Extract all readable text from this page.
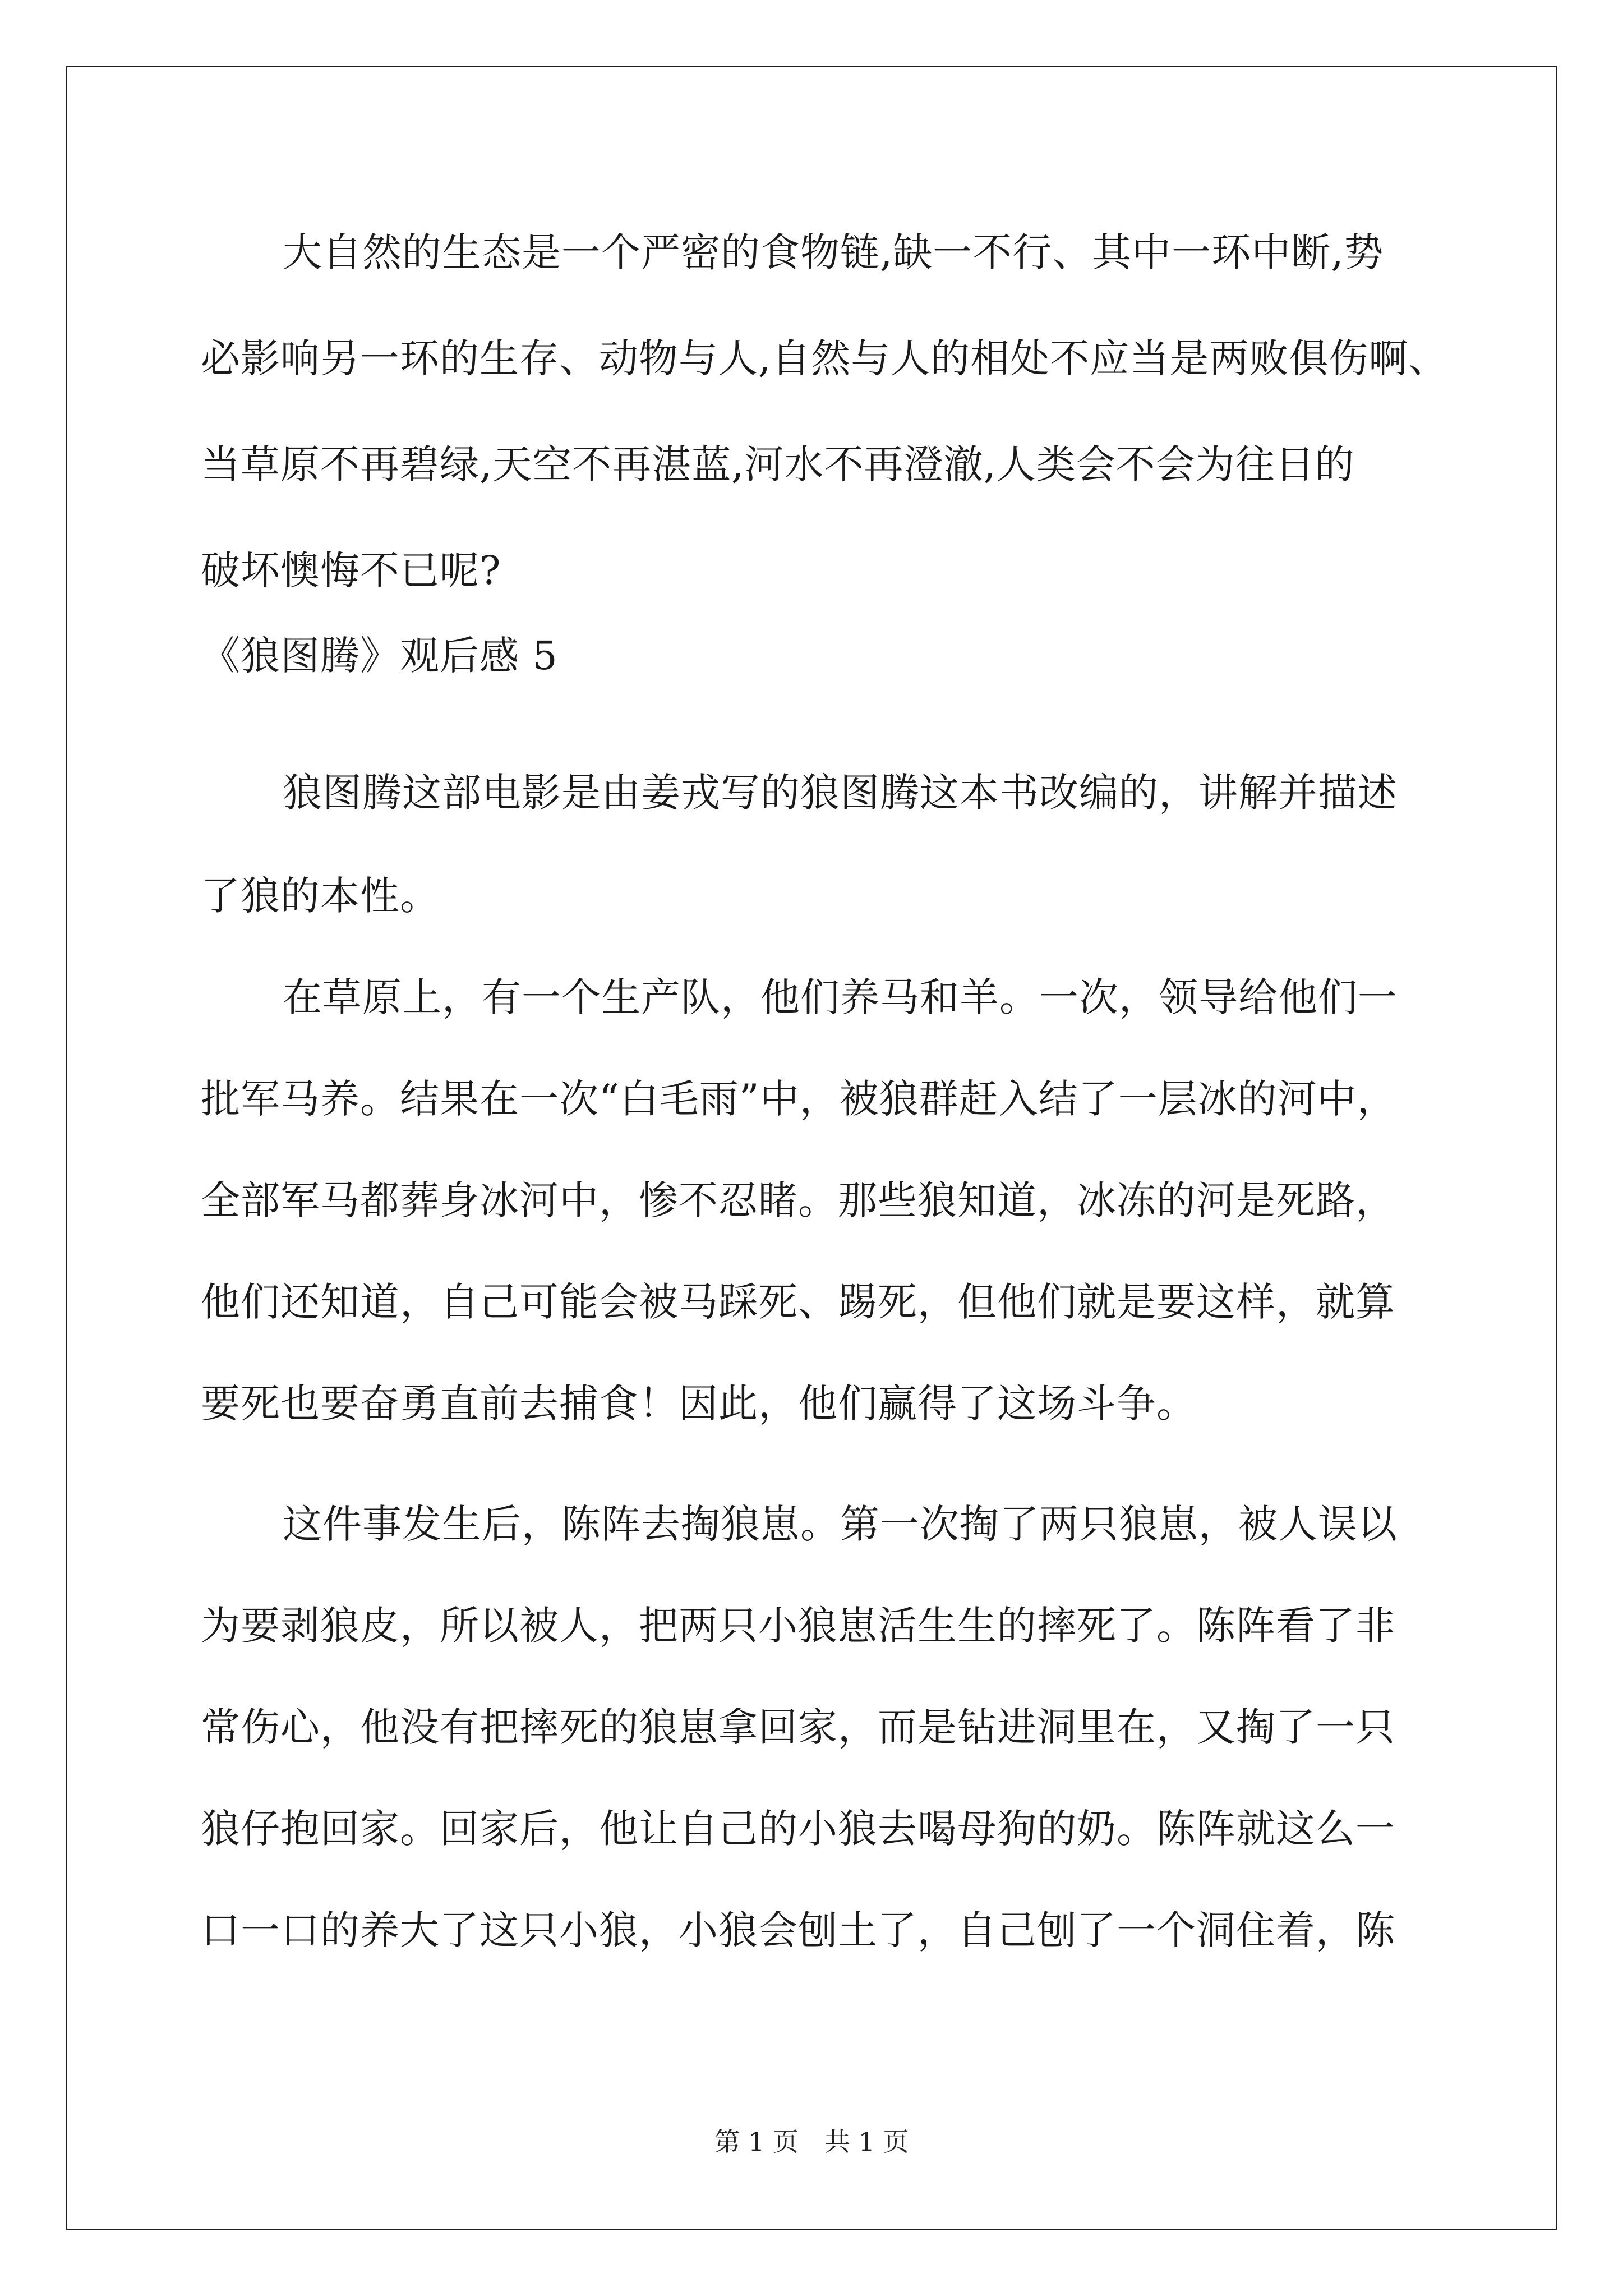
大自然的生态是一个严密的食物链,缺一不行、其中一环中断,势
必影响另一环的生存、动物与人,自然与人的相处不应当是两败俱伤啊、
当草原不再碧绿,天空不再湛蓝,河水不再澄澈,人类会不会为往日的
破坏懊悔不已呢?
《狼图腾》观后感 5
狼图腾这部电影是由姜戎写的狼图腾这本书改编的，讲解并描述
了狼的本性。
在草原上，有一个生产队，他们养马和羊。一次，领导给他们一
批军马养。结果在一次“白毛雨”中，被狼群赶入结了一层冰的河中，
全部军马都葬身冰河中，惨不忍睹。那些狼知道，冰冻的河是死路，
他们还知道，自己可能会被马踩死、踢死，但他们就是要这样，就算
要死也要奋勇直前去捕食！因此，他们赢得了这场斗争。
这件事发生后，陈阵去掏狼崽。第一次掏了两只狼崽，被人误以
为要剥狼皮，所以被人，把两只小狼崽活生生的摔死了。陈阵看了非
常伤心，他没有把摔死的狼崽拿回家，而是钻进洞里在，又掏了一只
狼仔抱回家。回家后，他让自己的小狼去喝母狗的奶。陈阵就这么一
口一口的养大了这只小狼，小狼会刨土了，自己刨了一个洞住着，陈
第 1 页　共 1 页
